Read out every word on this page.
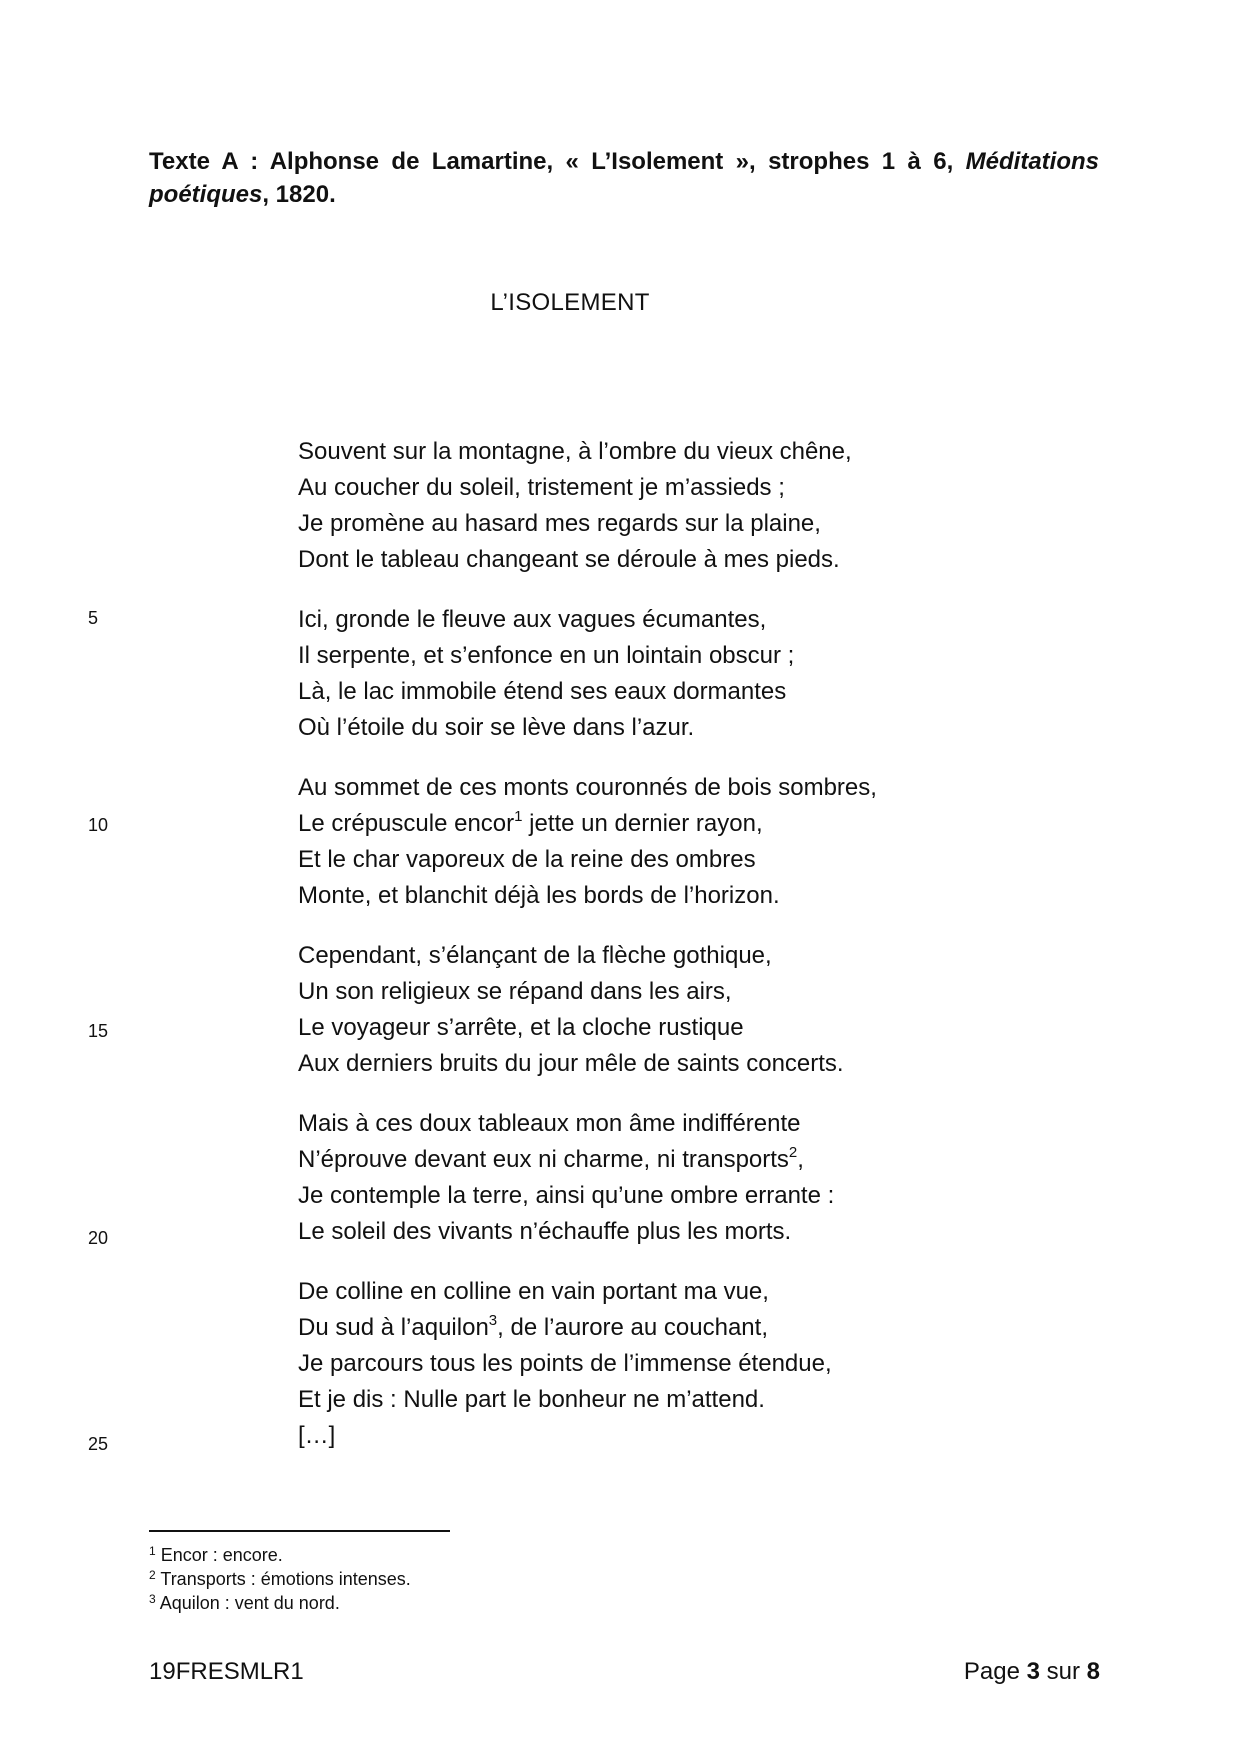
Texte A : Alphonse de Lamartine, « L’Isolement », strophes 1 à 6, Méditations
poétiques, 1820.
L’ISOLEMENT
Souvent sur la montagne, à l’ombre du vieux chêne,
Au coucher du soleil, tristement je m’assieds ;
Je promène au hasard mes regards sur la plaine,
Dont le tableau changeant se déroule à mes pieds.
Ici, gronde le fleuve aux vagues écumantes,
Il serpente, et s’enfonce en un lointain obscur ;
Là, le lac immobile étend ses eaux dormantes
Où l’étoile du soir se lève dans l’azur.
Au sommet de ces monts couronnés de bois sombres,
Le crépuscule encor$^1$ jette un dernier rayon,
Et le char vaporeux de la reine des ombres
Monte, et blanchit déjà les bords de l’horizon.
Cependant, s’élançant de la flèche gothique,
Un son religieux se répand dans les airs,
Le voyageur s’arrête, et la cloche rustique
Aux derniers bruits du jour mêle de saints concerts.
Mais à ces doux tableaux mon âme indifférente
N’éprouve devant eux ni charme, ni transports$^2$,
Je contemple la terre, ainsi qu’une ombre errante :
Le soleil des vivants n’échauffe plus les morts.
De colline en colline en vain portant ma vue,
Du sud à l’aquilon$^3$, de l’aurore au couchant,
Je parcours tous les points de l’immense étendue,
Et je dis : Nulle part le bonheur ne m’attend.
[…]
5
10
15
20
25
$^1$ Encor : encore.
$^2$ Transports : émotions intenses.
$^3$ Aquilon : vent du nord.
19FRESMLR1	Page 3 sur 8
